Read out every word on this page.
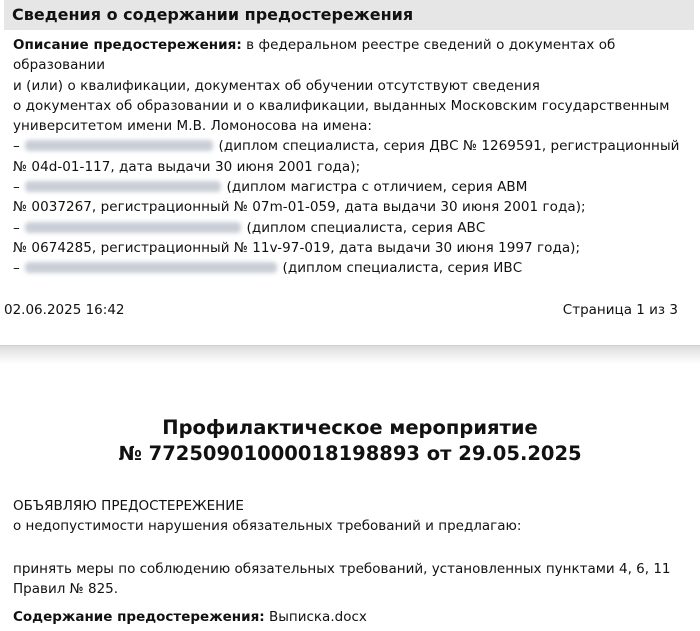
Сведения о содержании предостережения
Описание предостережения: в федеральном реестре сведений о документах об
образовании
и (или) о квалификации, документах об обучении отсутствуют сведения
о документах об образовании и о квалификации, выданных Московским государственным
университетом имени М.В. Ломоносова на имена:
–	(диплом специалиста, серия ДВС № 1269591, регистрационный
№ 04d-01-117, дата выдачи 30 июня 2001 года);
–	(диплом магистра с отличием, серия АВМ
№ 0037267, регистрационный № 07m-01-059, дата выдачи 30 июня 2001 года);
–	(диплом специалиста, серия АВС
№ 0674285, регистрационный № 11v-97-019, дата выдачи 30 июня 1997 года);
–	(диплом специалиста, серия ИВС
02.06.2025 16:42	Страница 1 из 3
Профилактическое мероприятие
№ 77250901000018198893 от 29.05.2025
ОБЪЯВЛЯЮ ПРЕДОСТЕРЕЖЕНИЕ
о недопустимости нарушения обязательных требований и предлагаю:
принять меры по соблюдению обязательных требований, установленных пунктами 4, 6, 11
Правил № 825.
Содержание предостережения: Выписка.docx
